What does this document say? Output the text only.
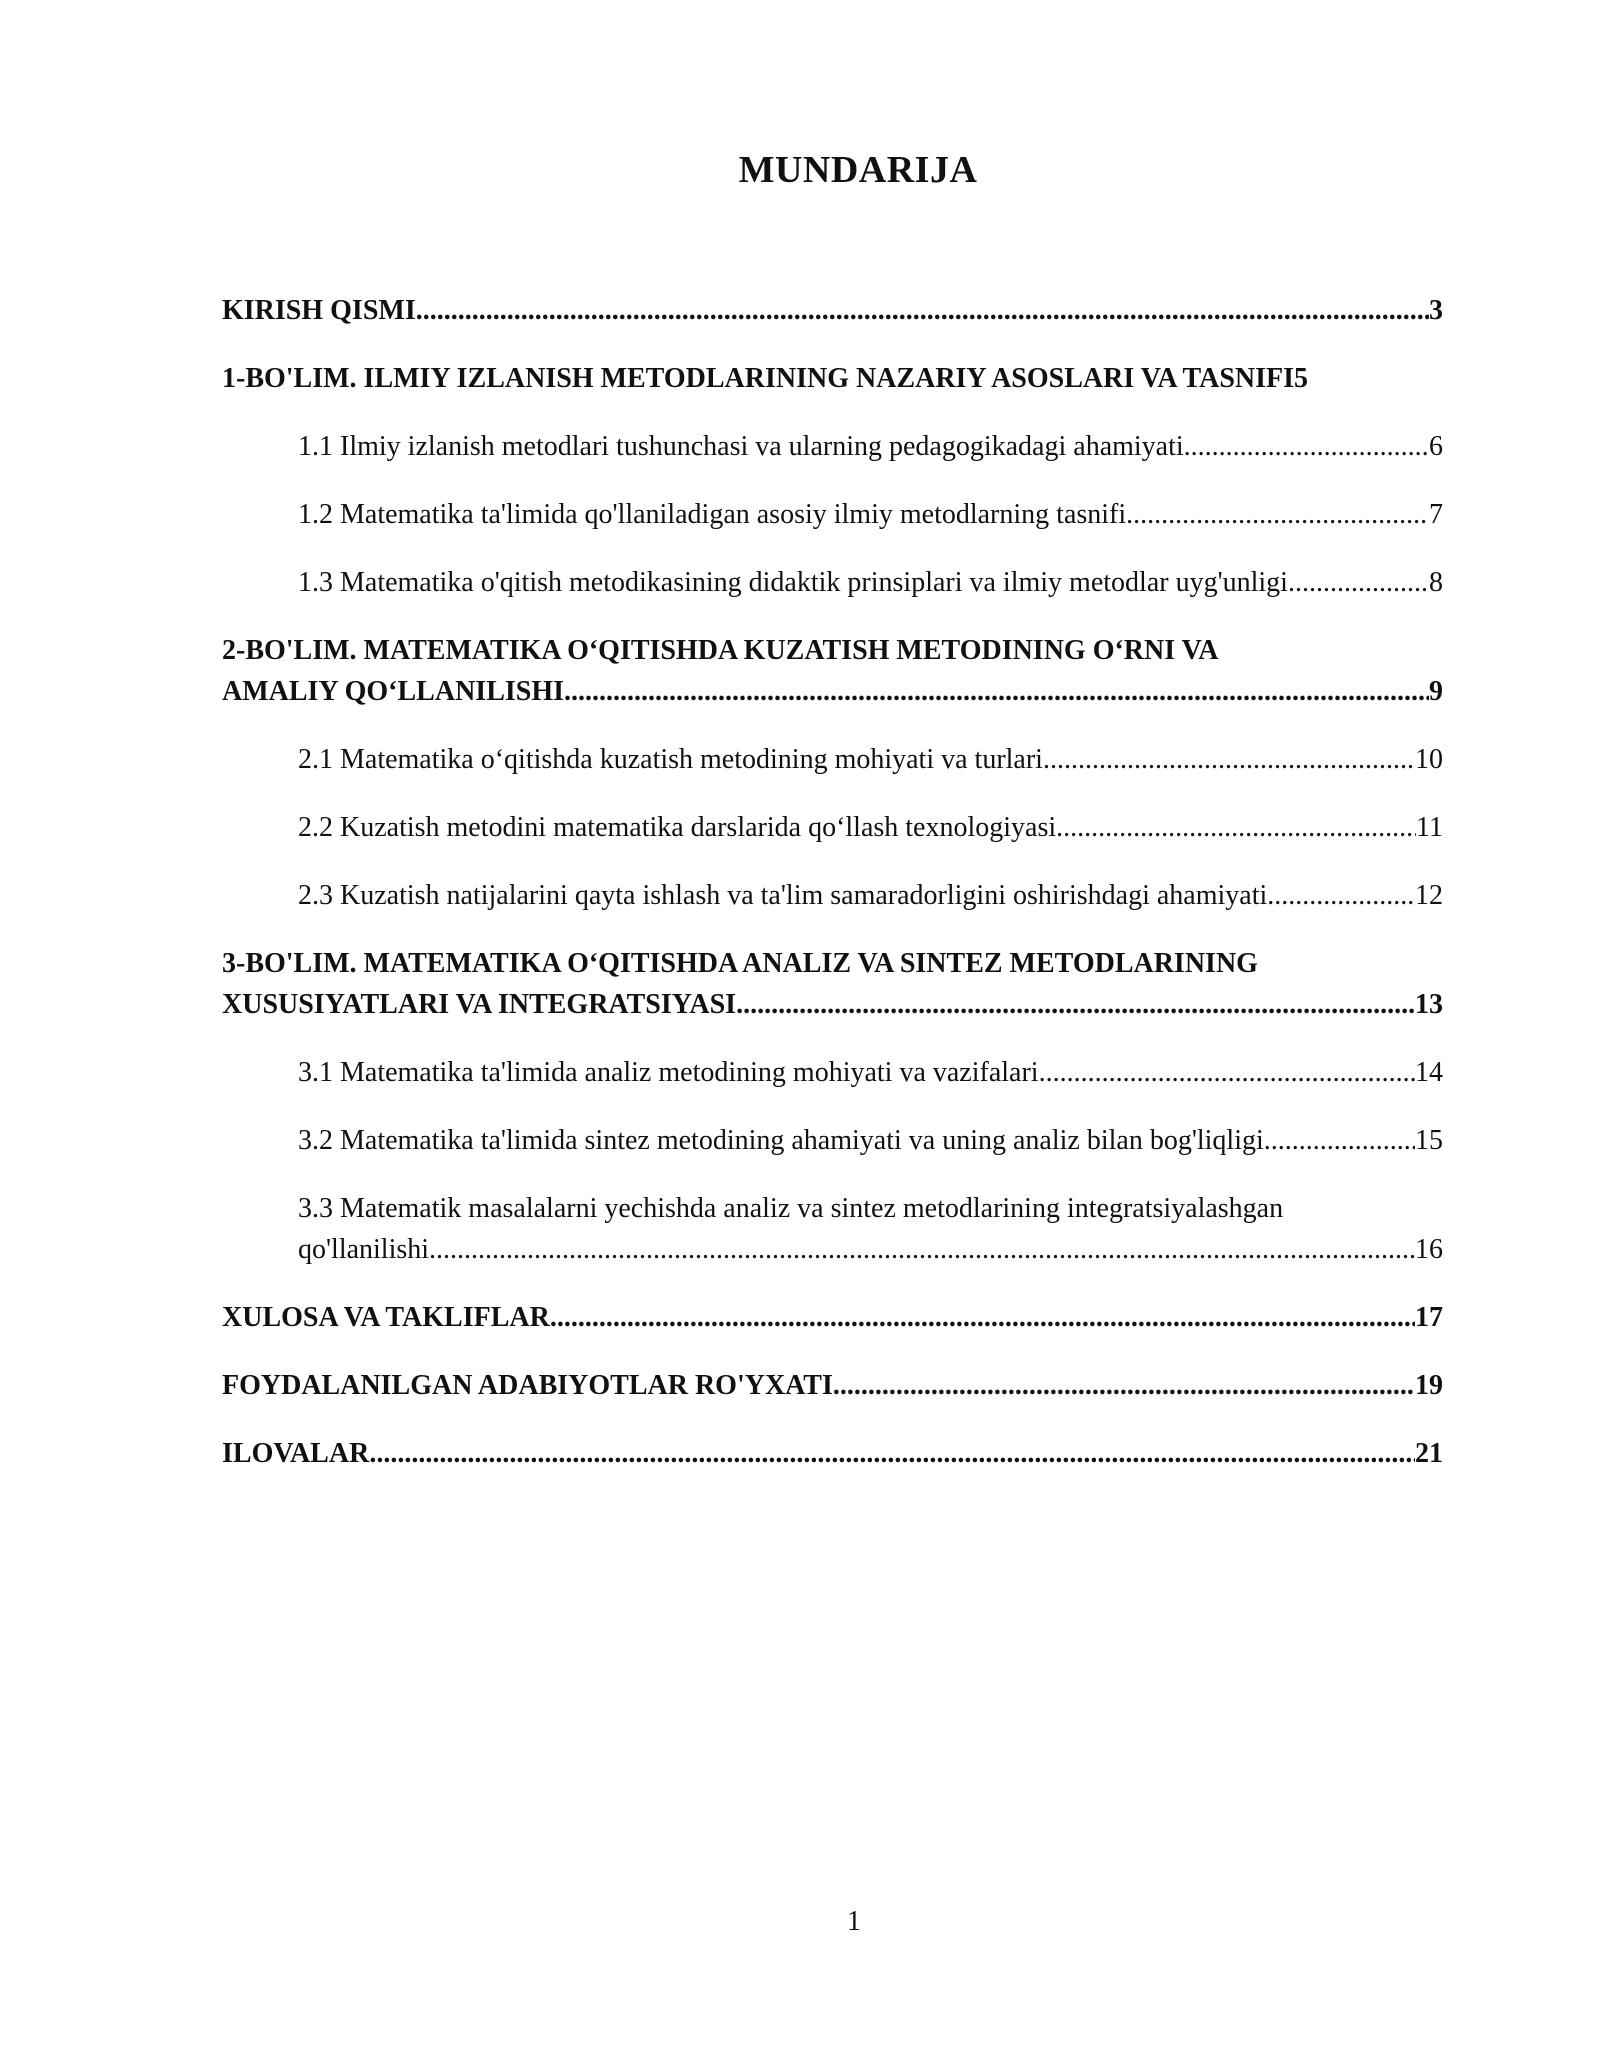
MUNDARIJA
KIRISH QISMI .....	3
1-BO'LIM. ILMIY IZLANISH METODLARINING NAZARIY ASOSLARI VA TASNIFI 5
1.1 Ilmiy izlanish metodlari tushunchasi va ularning pedagogikadagi ahamiyati .....	6
1.2 Matematika ta'limida qo'llaniladigan asosiy ilmiy metodlarning tasnifi .....	7
1.3 Matematika o'qitish metodikasining didaktik prinsiplari va ilmiy metodlar uyg'unligi .....	8
2-BO'LIM. MATEMATIKA O‘QITISHDA KUZATISH METODINING O‘RNI VA
AMALIY QO‘LLANILISHI .....	9
2.1 Matematika o‘qitishda kuzatish metodining mohiyati va turlari .....	10
2.2 Kuzatish metodini matematika darslarida qo‘llash texnologiyasi .....	11
2.3 Kuzatish natijalarini qayta ishlash va ta'lim samaradorligini oshirishdagi ahamiyati .....	12
3-BO'LIM. MATEMATIKA O‘QITISHDA ANALIZ VA SINTEZ METODLARINING
XUSUSIYATLARI VA INTEGRATSIYASI .....	13
3.1 Matematika ta'limida analiz metodining mohiyati va vazifalari .....	14
3.2 Matematika ta'limida sintez metodining ahamiyati va uning analiz bilan bog'liqligi .....	15
3.3 Matematik masalalarni yechishda analiz va sintez metodlarining integratsiyalashgan
qo'llanilishi .....	16
XULOSA VA TAKLIFLAR .....	17
FOYDALANILGAN ADABIYOTLAR RO'YXATI .....	19
ILOVALAR .....	21
1
